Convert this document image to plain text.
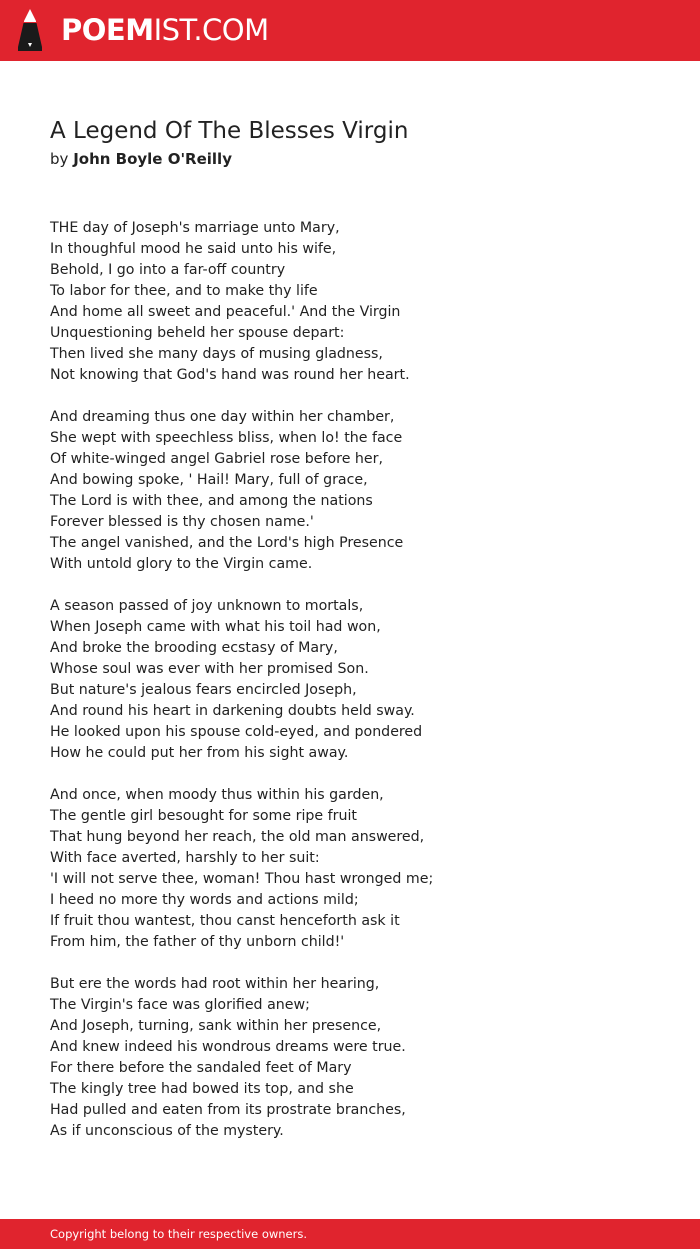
POEMIST.COM
A Legend Of The Blesses Virgin
by John Boyle O'Reilly
THE day of Joseph's marriage unto Mary,
In thoughful mood he said unto his wife,
Behold, I go into a far-off country
To labor for thee, and to make thy life
And home all sweet and peaceful.' And the Virgin
Unquestioning beheld her spouse depart:
Then lived she many days of musing gladness,
Not knowing that God's hand was round her heart.
And dreaming thus one day within her chamber,
She wept with speechless bliss, when lo! the face
Of white-winged angel Gabriel rose before her,
And bowing spoke, ' Hail! Mary, full of grace,
The Lord is with thee, and among the nations
Forever blessed is thy chosen name.'
The angel vanished, and the Lord's high Presence
With untold glory to the Virgin came.
A season passed of joy unknown to mortals,
When Joseph came with what his toil had won,
And broke the brooding ecstasy of Mary,
Whose soul was ever with her promised Son.
But nature's jealous fears encircled Joseph,
And round his heart in darkening doubts held sway.
He looked upon his spouse cold-eyed, and pondered
How he could put her from his sight away.
And once, when moody thus within his garden,
The gentle girl besought for some ripe fruit
That hung beyond her reach, the old man answered,
With face averted, harshly to her suit:
'I will not serve thee, woman! Thou hast wronged me;
I heed no more thy words and actions mild;
If fruit thou wantest, thou canst henceforth ask it
From him, the father of thy unborn child!'
But ere the words had root within her hearing,
The Virgin's face was glorified anew;
And Joseph, turning, sank within her presence,
And knew indeed his wondrous dreams were true.
For there before the sandaled feet of Mary
The kingly tree had bowed its top, and she
Had pulled and eaten from its prostrate branches,
As if unconscious of the mystery.
Copyright belong to their respective owners.
